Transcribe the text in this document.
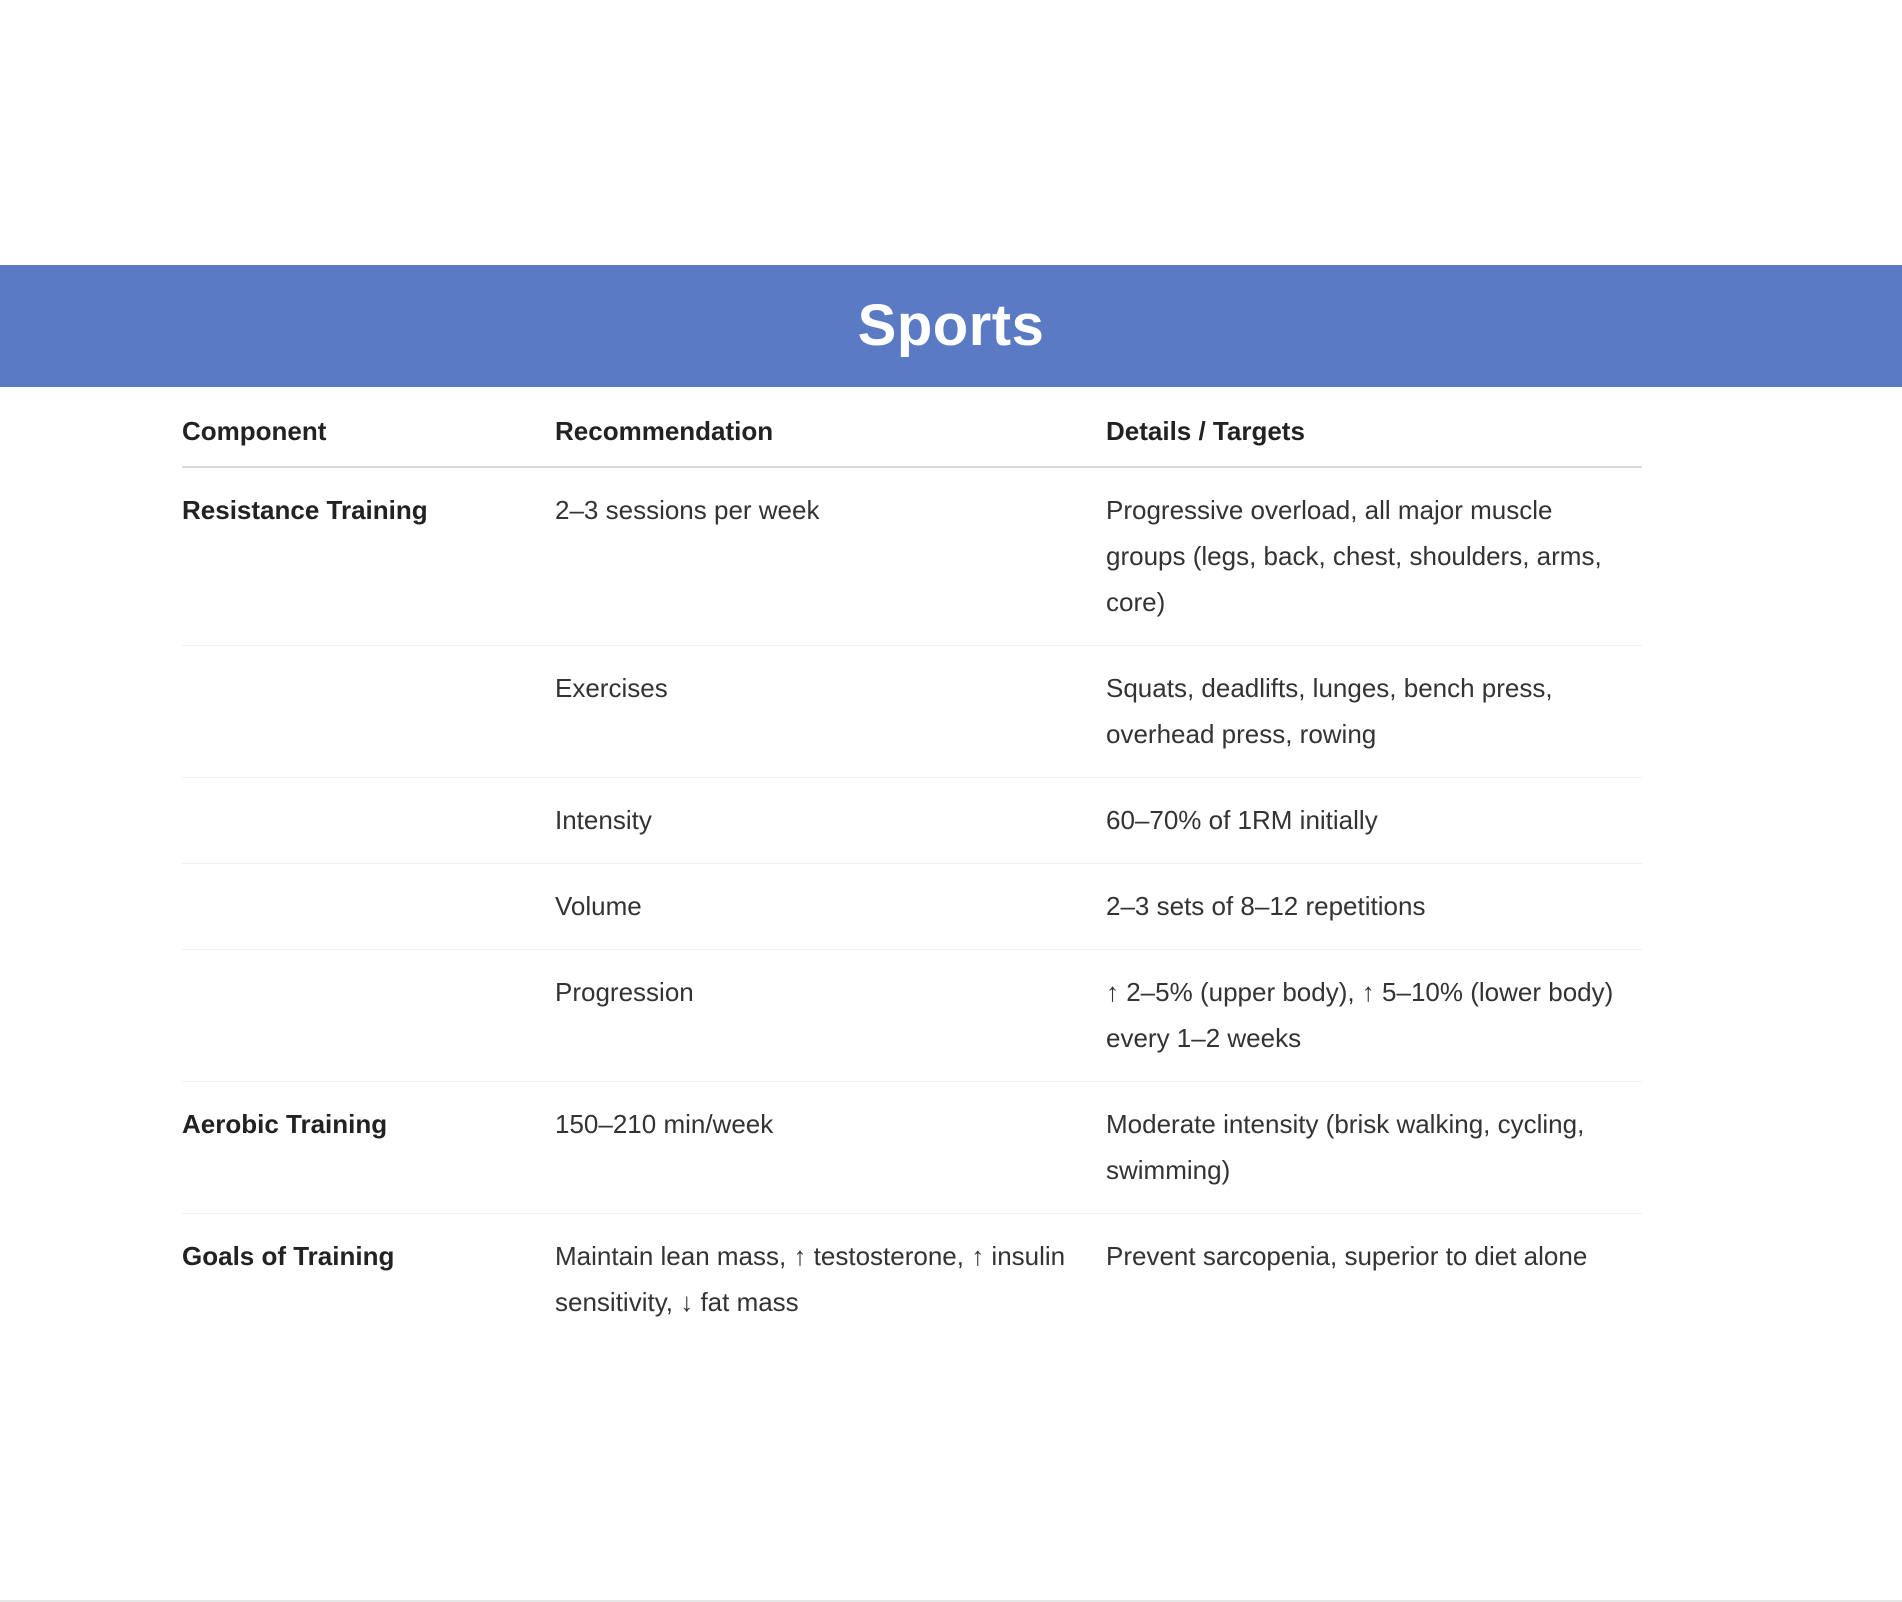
Sports
Component	Recommendation	Details / Targets
Resistance Training	2–3 sessions per week	Progressive overload, all major muscle groups (legs, back, chest, shoulders, arms, core)
	Exercises	Squats, deadlifts, lunges, bench press, overhead press, rowing
	Intensity	60–70% of 1RM initially
	Volume	2–3 sets of 8–12 repetitions
	Progression	↑ 2–5% (upper body), ↑ 5–10% (lower body) every 1–2 weeks
Aerobic Training	150–210 min/week	Moderate intensity (brisk walking, cycling, swimming)
Goals of Training	Maintain lean mass, ↑ testosterone, ↑ insulin sensitivity, ↓ fat mass	Prevent sarcopenia, superior to diet alone
